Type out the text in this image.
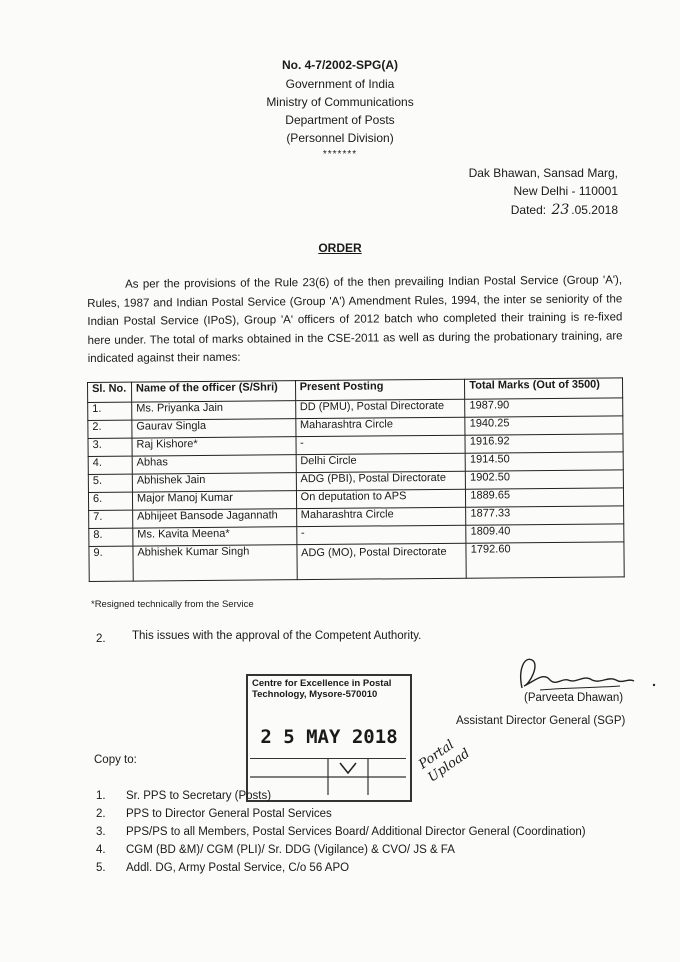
No. 4-7/2002-SPG(A)
Government of India
Ministry of Communications
Department of Posts
(Personnel Division)
*******
Dak Bhawan, Sansad Marg,
New Delhi - 110001
Dated: 23 .05.2018
ORDER
As per the provisions of the Rule 23(6) of the then prevailing Indian Postal Service (Group 'A'), Rules, 1987 and Indian Postal Service (Group 'A') Amendment Rules, 1994, the inter se seniority of the Indian Postal Service (IPoS), Group 'A' officers of 2012 batch who completed their training is re-fixed here under. The total of marks obtained in the CSE-2011 as well as during the probationary training, are indicated against their names:
Sl. No.	Name of the officer (S/Shri)	Present Posting	Total Marks (Out of 3500)
1.	Ms. Priyanka Jain	DD (PMU), Postal Directorate	1987.90
2.	Gaurav Singla	Maharashtra Circle	1940.25
3.	Raj Kishore*	-	1916.92
4.	Abhas	Delhi Circle	1914.50
5.	Abhishek Jain	ADG (PBI), Postal Directorate	1902.50
6.	Major Manoj Kumar	On deputation to APS	1889.65
7.	Abhijeet Bansode Jagannath	Maharashtra Circle	1877.33
8.	Ms. Kavita Meena*	-	1809.40
9.	Abhishek Kumar Singh	ADG (MO), Postal Directorate	1792.60
*Resigned technically from the Service
2. This issues with the approval of the Competent Authority.
Centre for Excellence in Postal
Technology, Mysore-570010
2 5 MAY 2018
Portal Upload
(Parveeta Dhawan)
Assistant Director General (SGP)
Copy to:
1. Sr. PPS to Secretary (Posts)
2. PPS to Director General Postal Services
3. PPS/PS to all Members, Postal Services Board/ Additional Director General (Coordination)
4. CGM (BD &M)/ CGM (PLI)/ Sr. DDG (Vigilance) & CVO/ JS & FA
5. Addl. DG, Army Postal Service, C/o 56 APO
